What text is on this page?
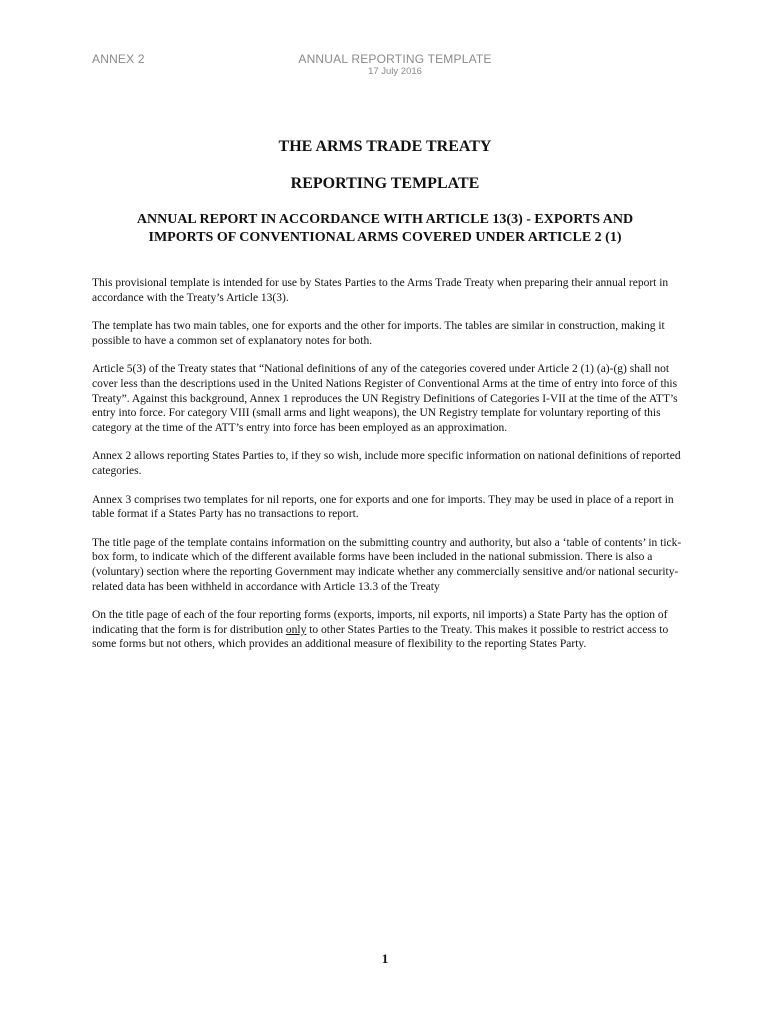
ANNEX 2	ANNUAL REPORTING TEMPLATE
17 July 2016
THE ARMS TRADE TREATY
REPORTING TEMPLATE
ANNUAL REPORT IN ACCORDANCE WITH ARTICLE 13(3) - EXPORTS AND IMPORTS OF CONVENTIONAL ARMS COVERED UNDER ARTICLE 2 (1)

This provisional template is intended for use by States Parties to the Arms Trade Treaty when preparing their annual report in accordance with the Treaty’s Article 13(3).

The template has two main tables, one for exports and the other for imports. The tables are similar in construction, making it possible to have a common set of explanatory notes for both.

Article 5(3) of the Treaty states that “National definitions of any of the categories covered under Article 2 (1) (a)-(g) shall not cover less than the descriptions used in the United Nations Register of Conventional Arms at the time of entry into force of this Treaty”. Against this background, Annex 1 reproduces the UN Registry Definitions of Categories I-VII at the time of the ATT’s entry into force. For category VIII (small arms and light weapons), the UN Registry template for voluntary reporting of this category at the time of the ATT’s entry into force has been employed as an approximation.

Annex 2 allows reporting States Parties to, if they so wish, include more specific information on national definitions of reported categories.

Annex 3 comprises two templates for nil reports, one for exports and one for imports. They may be used in place of a report in table format if a States Party has no transactions to report.

The title page of the template contains information on the submitting country and authority, but also a ‘table of contents’ in tick-box form, to indicate which of the different available forms have been included in the national submission. There is also a (voluntary) section where the reporting Government may indicate whether any commercially sensitive and/or national security-related data has been withheld in accordance with Article 13.3 of the Treaty

On the title page of each of the four reporting forms (exports, imports, nil exports, nil imports) a State Party has the option of indicating that the form is for distribution only to other States Parties to the Treaty. This makes it possible to restrict access to some forms but not others, which provides an additional measure of flexibility to the reporting States Party.

1
